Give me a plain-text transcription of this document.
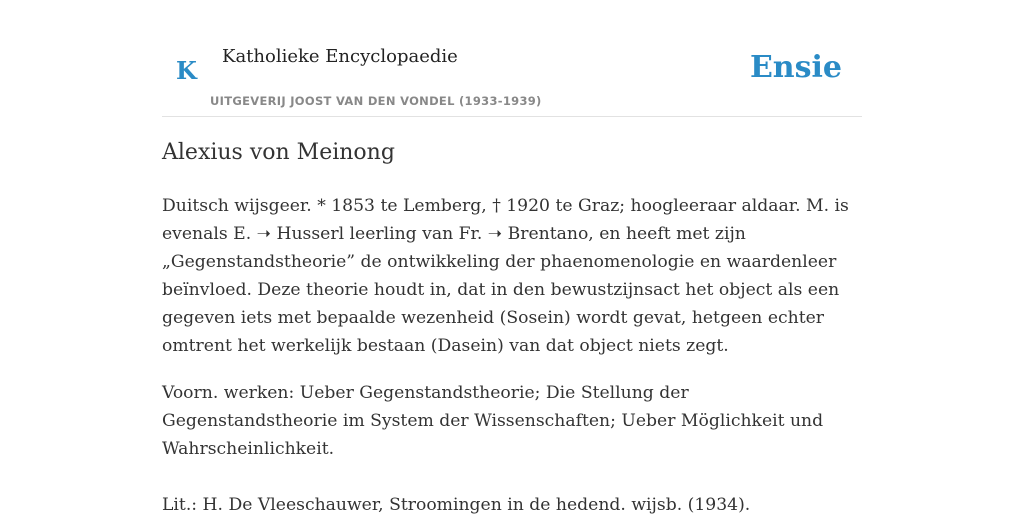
K Katholieke Encyclopaedie
UITGEVERIJ JOOST VAN DEN VONDEL (1933-1939)
Ensie
Alexius von Meinong

Duitsch wijsgeer. * 1853 te Lemberg, † 1920 te Graz; hoogleeraar aldaar. M. is evenals E. ➝ Husserl leerling van Fr. ➝ Brentano, en heeft met zijn „Gegenstandstheorie” de ontwikkeling der phaenomenologie en waardenleer beïnvloed. Deze theorie houdt in, dat in den bewustzijnsact het object als een gegeven iets met bepaalde wezenheid (Sosein) wordt gevat, hetgeen echter omtrent het werkelijk bestaan (Dasein) van dat object niets zegt.

Voorn. werken: Ueber Gegenstandstheorie; Die Stellung der Gegenstandstheorie im System der Wissenschaften; Ueber Möglichkeit und Wahrscheinlichkeit.

Lit.: H. De Vleeschauwer, Stroomingen in de hedend. wijsb. (1934).
